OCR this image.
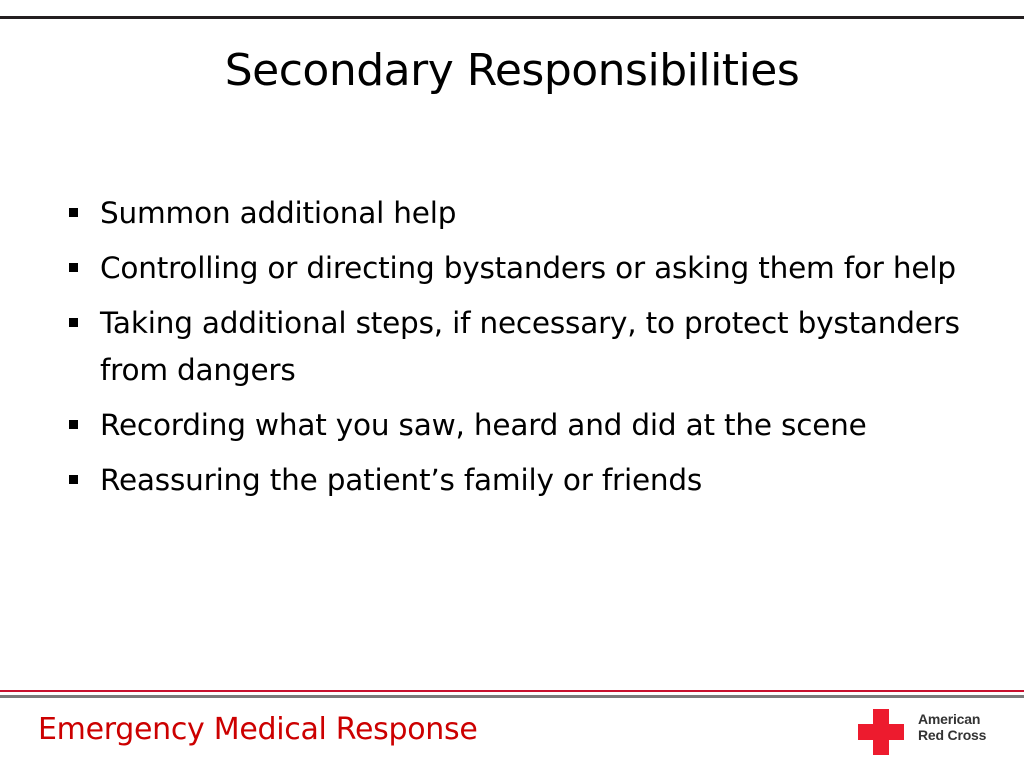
Secondary Responsibilities
Summon additional help
Controlling or directing bystanders or asking them for help
Taking additional steps, if necessary, to protect bystanders from dangers
Recording what you saw, heard and did at the scene
Reassuring the patient’s family or friends
Emergency Medical Response	American
Red Cross
